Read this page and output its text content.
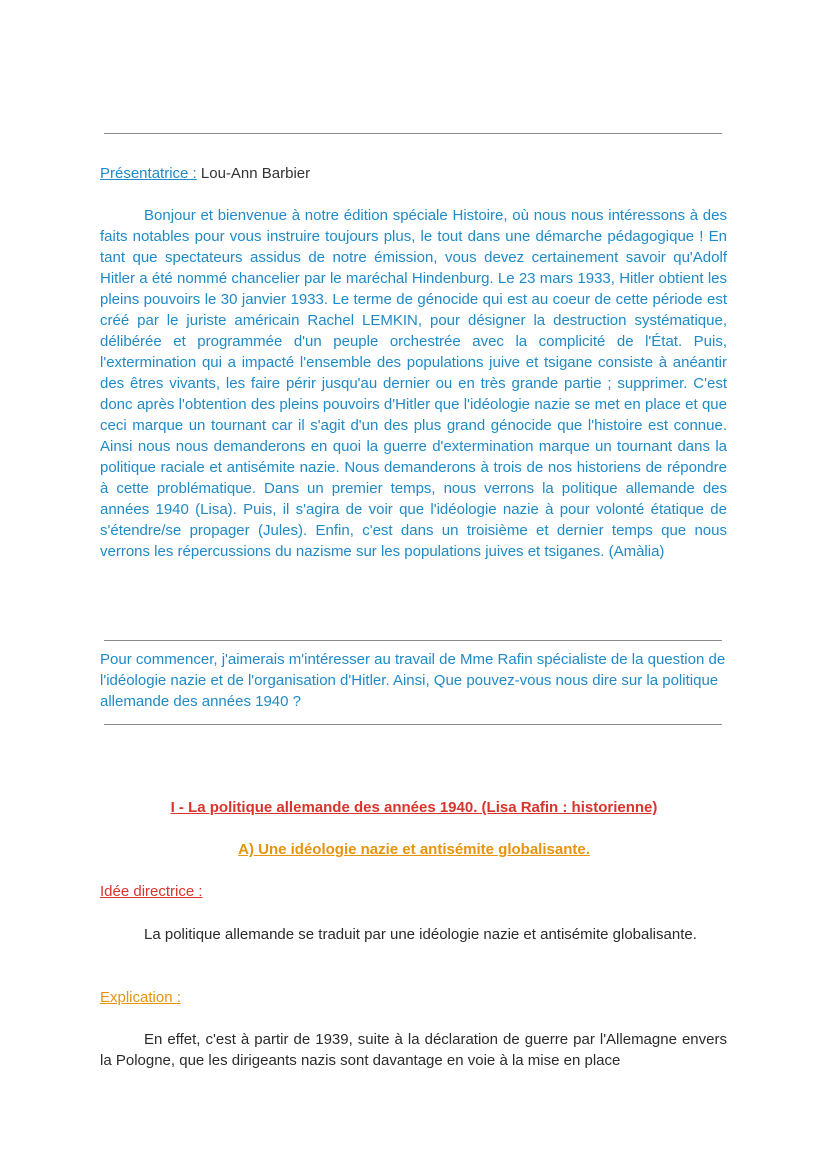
Présentatrice : Lou-Ann Barbier

Bonjour et bienvenue à notre édition spéciale Histoire, où nous nous intéressons à des faits notables pour vous instruire toujours plus, le tout dans une démarche pédagogique ! En tant que spectateurs assidus de notre émission, vous devez certainement savoir qu'Adolf Hitler a été nommé chancelier par le maréchal Hindenburg. Le 23 mars 1933, Hitler obtient les pleins pouvoirs le 30 janvier 1933. Le terme de génocide qui est au coeur de cette période est créé par le juriste américain Rachel LEMKIN, pour désigner la destruction systématique, délibérée et programmée d'un peuple orchestrée avec la complicité de l'État. Puis, l'extermination qui a impacté l'ensemble des populations juive et tsigane consiste à anéantir des êtres vivants, les faire périr jusqu'au dernier ou en très grande partie ; supprimer. C'est donc après l'obtention des pleins pouvoirs d'Hitler que l'idéologie nazie se met en place et que ceci marque un tournant car il s'agit d'un des plus grand génocide que l'histoire est connue. Ainsi nous nous demanderons en quoi la guerre d'extermination marque un tournant dans la politique raciale et antisémite nazie. Nous demanderons à trois de nos historiens de répondre à cette problématique. Dans un premier temps, nous verrons la politique allemande des années 1940 (Lisa). Puis, il s'agira de voir que l'idéologie nazie à pour volonté étatique de s'étendre/se propager (Jules). Enfin, c'est dans un troisième et dernier temps que nous verrons les répercussions du nazisme sur les populations juives et tsiganes. (Amàlia)

Pour commencer, j'aimerais m'intéresser au travail de Mme Rafin spécialiste de la question de l'idéologie nazie et de l'organisation d'Hitler. Ainsi, Que pouvez-vous nous dire sur la politique allemande des années 1940 ?

I - La politique allemande des années 1940. (Lisa Rafin : historienne)
A) Une idéologie nazie et antisémite globalisante.
Idée directrice :

La politique allemande se traduit par une idéologie nazie et antisémite globalisante.

Explication :

En effet, c'est à partir de 1939, suite à la déclaration de guerre par l'Allemagne envers la Pologne, que les dirigeants nazis sont davantage en voie à la mise en place
